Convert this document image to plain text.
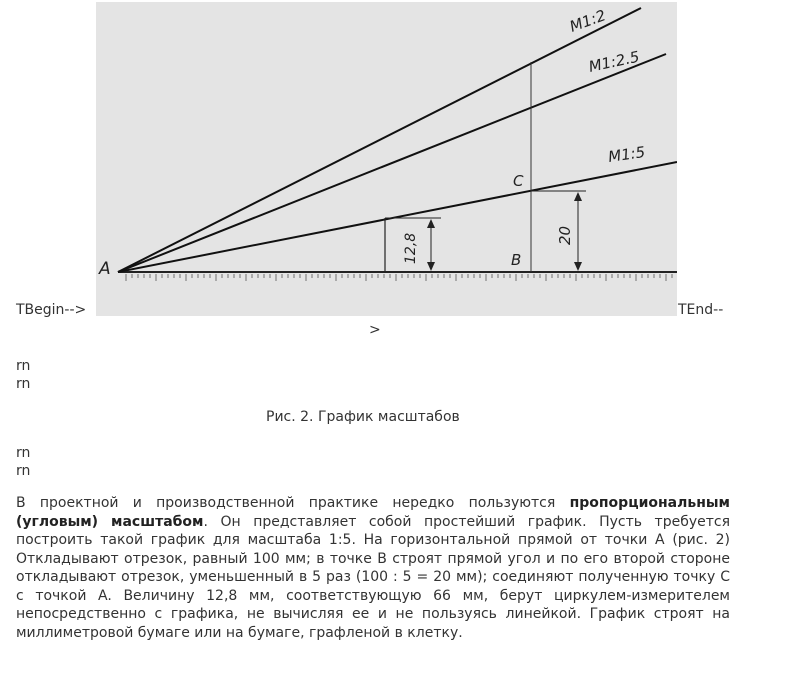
M1:2
M1:2.5
M1:5
A	B
C
12,8	20
TBegin-->	TEnd--
>
rn
rn
Рис. 2. График масштабов
rn
rn
В проектной и производственной практике нередко пользуются пропорциональным (угловым) масштабом. Он представляет собой простейший график. Пусть требуется построить такой график для масштаба 1:5. На горизонтальной прямой от точки A (рис. 2) Откладывают отрезок, равный 100 мм; в точке B строят прямой угол и по его второй стороне откладывают отрезок, уменьшенный в 5 раз (100 : 5 = 20 мм); соединяют полученную точку C с точкой A. Величину 12,8 мм, соответствующую 66 мм, берут циркулем-измерителем непосредственно с графика, не вычисляя ее и не пользуясь линейкой. График строят на миллиметровой бумаге или на бумаге, графленой в клетку.
